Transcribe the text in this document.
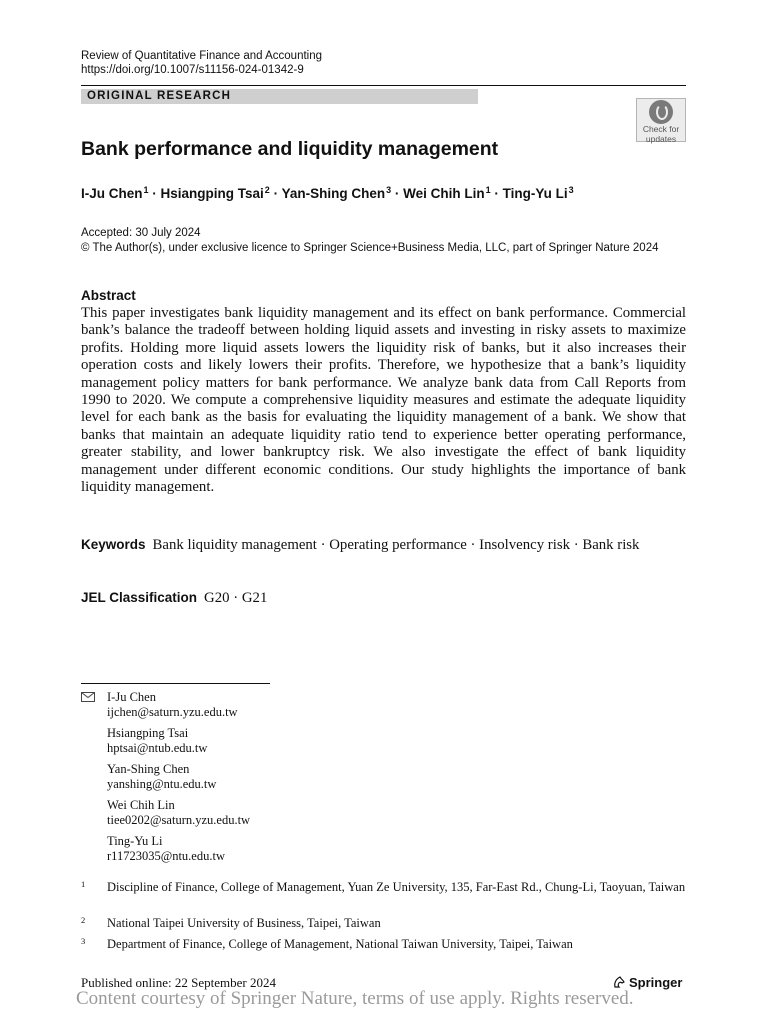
Review of Quantitative Finance and Accounting
https://doi.org/10.1007/s11156-024-01342-9
ORIGINAL RESEARCH
Check for
updates
Bank performance and liquidity management
I-Ju Chen$^1$ · Hsiangping Tsai$^2$ · Yan-Shing Chen$^3$ · Wei Chih Lin$^1$ · Ting-Yu Li$^3$
Accepted: 30 July 2024
© The Author(s), under exclusive licence to Springer Science+Business Media, LLC, part of Springer Nature 2024
Abstract

This paper investigates bank liquidity management and its effect on bank performance. Commercial bank’s balance the tradeoff between holding liquid assets and investing in risky assets to maximize profits. Holding more liquid assets lowers the liquidity risk of banks, but it also increases their operation costs and likely lowers their profits. Therefore, we hypothesize that a bank’s liquidity management policy matters for bank performance. We analyze bank data from Call Reports from 1990 to 2020. We compute a comprehensive liquidity measures and estimate the adequate liquidity level for each bank as the basis for evaluating the liquidity management of a bank. We show that banks that maintain an adequate liquidity ratio tend to experience better operating performance, greater stability, and lower bankruptcy risk. We also investigate the effect of bank liquidity management under different economic conditions. Our study highlights the importance of bank liquidity management.

Keywords Bank liquidity management · Operating performance · Insolvency risk · Bank risk
JEL Classification G20 · G21
I-Ju Chen
ijchen@saturn.yzu.edu.tw
Hsiangping Tsai
hptsai@ntub.edu.tw
Yan-Shing Chen
yanshing@ntu.edu.tw
Wei Chih Lin
tiee0202@saturn.yzu.edu.tw
Ting-Yu Li
r11723035@ntu.edu.tw
1 Discipline of Finance, College of Management, Yuan Ze University, 135, Far-East Rd., Chung-Li, Taoyuan, Taiwan
2 National Taipei University of Business, Taipei, Taiwan
3 Department of Finance, College of Management, National Taiwan University, Taipei, Taiwan
Published online: 22 September 2024	Springer
Content courtesy of Springer Nature, terms of use apply. Rights reserved.
